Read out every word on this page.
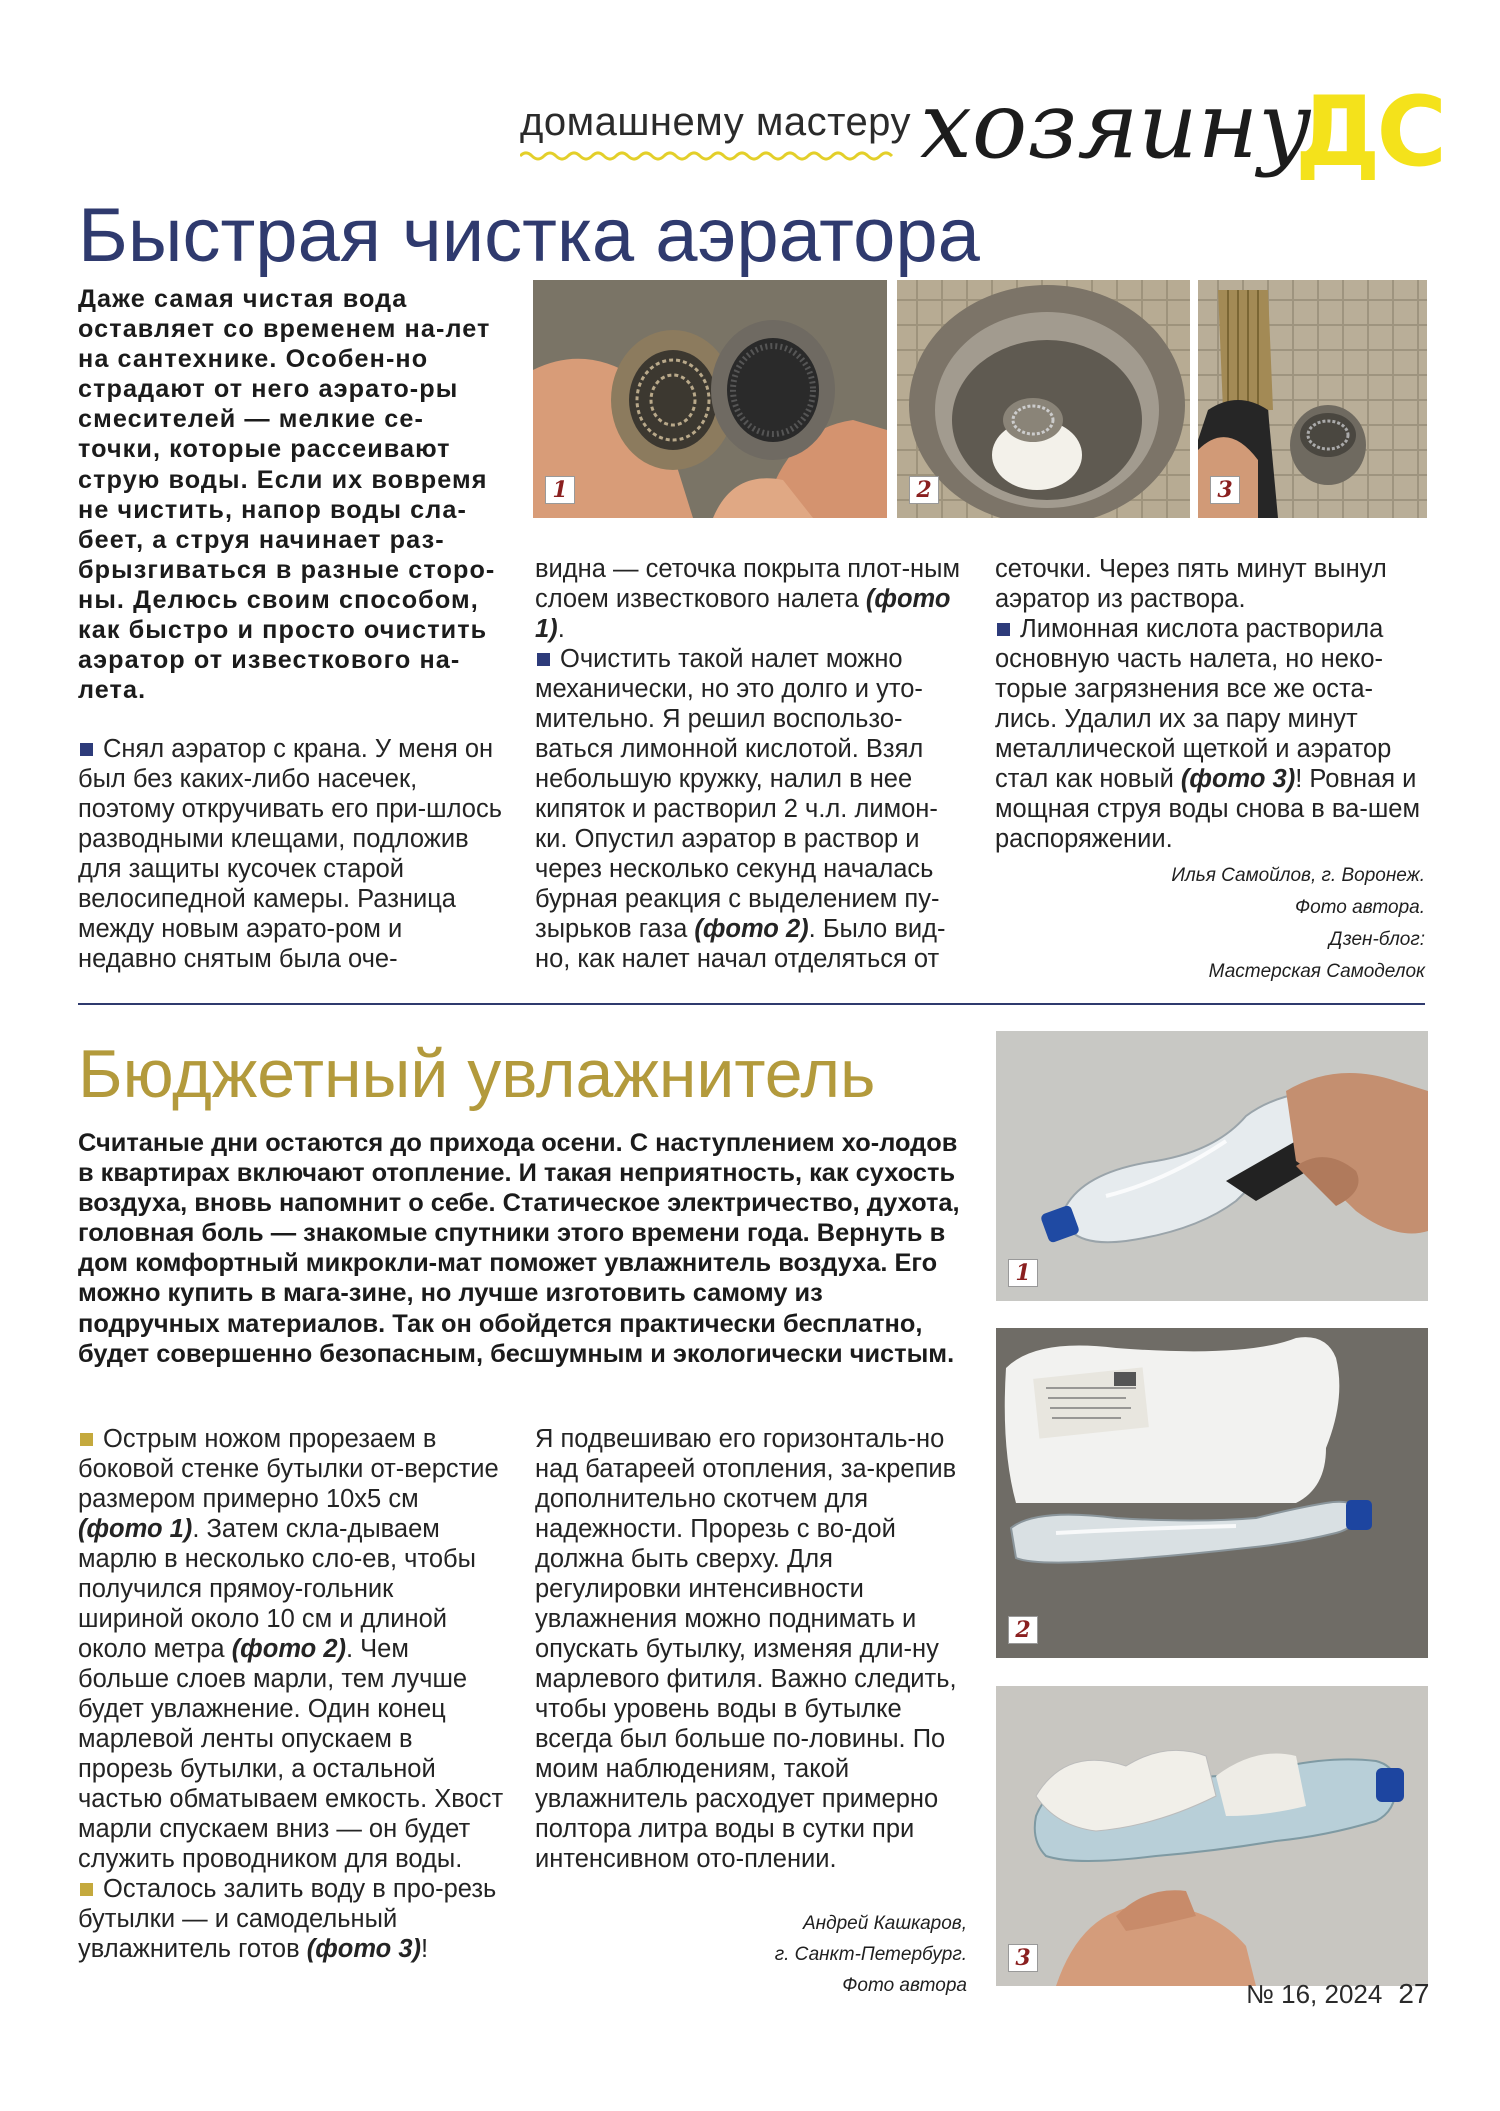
домашнему мастеру хозяину
ДС
Быстрая чистка аэратора
Даже самая чистая вода оставляет со временем на-лет на сантехнике. Особен-но страдают от него аэрато-ры смесителей — мелкие се-точки, которые рассеивают струю воды. Если их вовремя не чистить, напор воды сла-беет, а струя начинает раз-брызгиваться в разные сторо-ны. Делюсь своим способом, как быстро и просто очистить аэратор от известкового на-лета.
1	2	3

Снял аэратор с крана. У меня он был без каких-либо насечек, поэтому откручивать его при-шлось разводными клещами, подложив для защиты кусочек старой велосипедной камеры. Разница между новым аэрато-ром и недавно снятым была оче-

видна — сеточка покрыта плот-ным слоем известкового налета (фото 1).

Очистить такой налет можно механически, но это долго и уто-мительно. Я решил воспользо-ваться лимонной кислотой. Взял небольшую кружку, налил в нее кипяток и растворил 2 ч.л. лимон-ки. Опустил аэратор в раствор и через несколько секунд началась бурная реакция с выделением пу-зырьков газа (фото 2). Было вид-но, как налет начал отделяться от

сеточки. Через пять минут вынул аэратор из раствора.

Лимонная кислота растворила основную часть налета, но неко-торые загрязнения все же оста-лись. Удалил их за пару минут металлической щеткой и аэратор стал как новый (фото 3)! Ровная и мощная струя воды снова в ва-шем распоряжении.

Илья Самойлов, г. Воронеж.
Фото автора.
Дзен-блог:
Мастерская Самоделок
Бюджетный увлажнитель
Считаные дни остаются до прихода осени. С наступлением хо-лодов в квартирах включают отопление. И такая неприятность, как сухость воздуха, вновь напомнит о себе. Статическое электричество, духота, головная боль — знакомые спутники этого времени года. Вернуть в дом комфортный микрокли-мат поможет увлажнитель воздуха. Его можно купить в мага-зине, но лучше изготовить самому из подручных материалов. Так он обойдется практически бесплатно, будет совершенно безопасным, бесшумным и экологически чистым.
1
2
3

Острым ножом прорезаем в боковой стенке бутылки от-верстие размером примерно 10х5 см (фото 1). Затем скла-дываем марлю в несколько сло-ев, чтобы получился прямоу-гольник шириной около 10 см и длиной около метра (фото 2). Чем больше слоев марли, тем лучше будет увлажнение. Один конец марлевой ленты опускаем в прорезь бутылки, а остальной частью обматываем емкость. Хвост марли спускаем вниз — он будет служить проводником для воды.

Осталось залить воду в про-резь бутылки — и самодельный увлажнитель готов (фото 3)!

Я подвешиваю его горизонталь-но над батареей отопления, за-крепив дополнительно скотчем для надежности. Прорезь с во-дой должна быть сверху. Для регулировки интенсивности увлажнения можно поднимать и опускать бутылку, изменяя дли-ну марлевого фитиля. Важно следить, чтобы уровень воды в бутылке всегда был больше по-ловины. По моим наблюдениям, такой увлажнитель расходует примерно полтора литра воды в сутки при интенсивном ото-плении.

Андрей Кашкаров,
г. Санкт-Петербург.
Фото автора	№ 16, 2024 27
